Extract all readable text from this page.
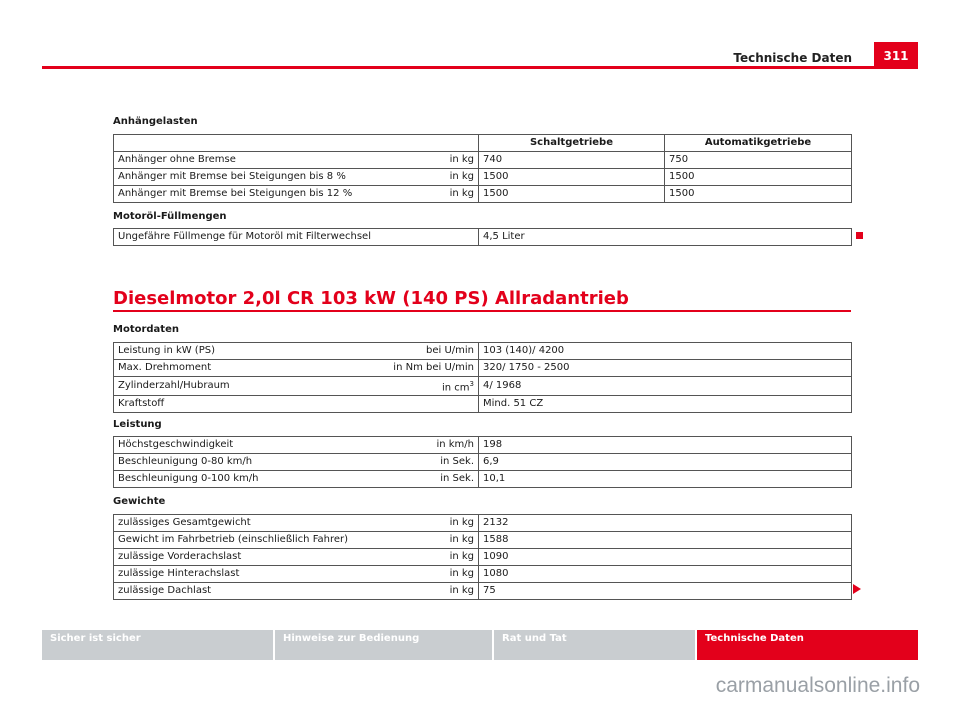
Technische Daten	311
Anhängelasten
		Schaltgetriebe	Automatikgetriebe
Anhänger ohne Bremse	in kg	740	750
Anhänger mit Bremse bei Steigungen bis 8 %	in kg	1500	1500
Anhänger mit Bremse bei Steigungen bis 12 %	in kg	1500	1500
Motoröl-Füllmengen
Ungefähre Füllmenge für Motoröl mit Filterwechsel	4,5 Liter
Dieselmotor 2,0l CR 103 kW (140 PS) Allradantrieb
Motordaten
Leistung in kW (PS)	bei U/min	103 (140)/ 4200
Max. Drehmoment	in Nm bei U/min	320/ 1750 - 2500
Zylinderzahl/Hubraum	in $cm^3$	4/ 1968
Kraftstoff		Mind. 51 CZ
Leistung
Höchstgeschwindigkeit	in km/h	198
Beschleunigung 0-80 km/h	in Sek.	6,9
Beschleunigung 0-100 km/h	in Sek.	10,1
Gewichte
zulässiges Gesamtgewicht	in kg	2132
Gewicht im Fahrbetrieb (einschließlich Fahrer)	in kg	1588
zulässige Vorderachslast	in kg	1090
zulässige Hinterachslast	in kg	1080
zulässige Dachlast	in kg	75
Sicher ist sicher	Hinweise zur Bedienung	Rat und Tat	Technische Daten
carmanualsonline.info
